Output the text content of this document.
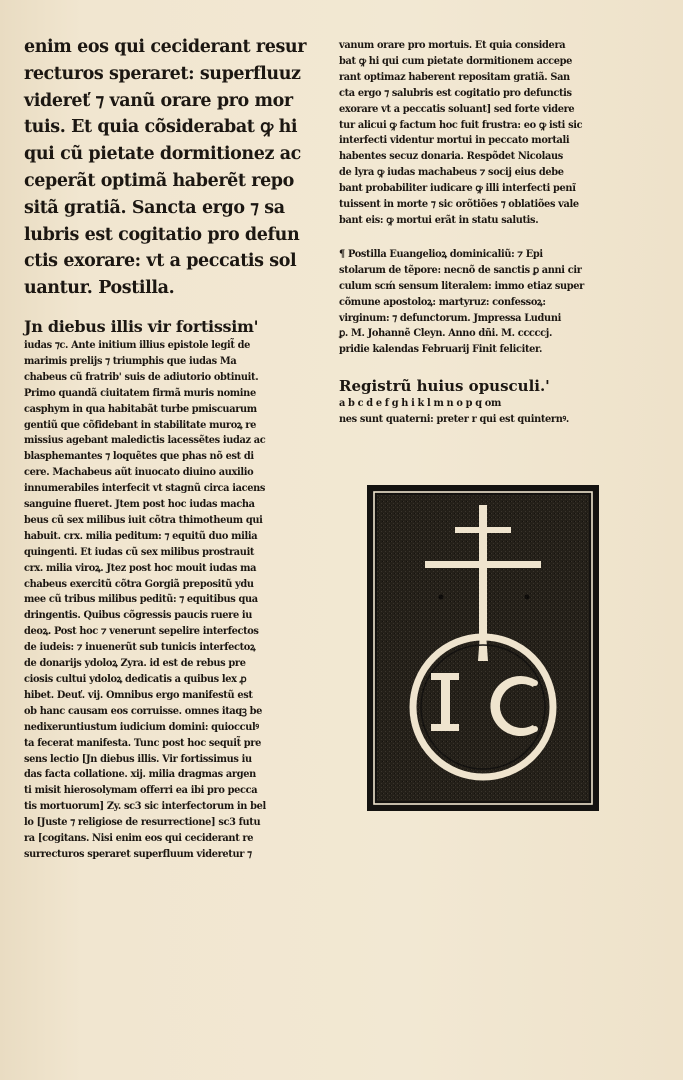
enim eos qui ceciderant resur

recturos speraret: superfluuz

videreť ⁊ vanũ orare pro mor

tuis. Et quia cõsiderabat ꝙ hi

qui cũ pietate dormitionez ac

ceperãt optimã haberẽt repo

sitã gratiã. Sancta ergo ⁊ sa

lubris est cogitatio pro defun

ctis exorare: vt a peccatis sol

uantur. Postilla.

Jn diebus illis vir fortissim'

iudas ⁊c. Ante initium illius epistole legit̃ de

marimis prelijs ⁊ triumphis que iudas Ma

chabeus cũ fratrib' suis de adiutorio obtinuit.

Primo quandã ciuitatem firmã muris nomine

casphym in qua habitabãt turbe pmiscuarum

gentiũ que cõfidebant in stabilitate muroꝝ re

missius agebant maledictis lacessẽtes iudaz ac

blasphemantes ⁊ loquẽtes que phas nõ est di

cere. Machabeus aũt inuocato diuino auxilio

innumerabiles interfecit vt stagnũ circa iacens

sanguine flueret. Jtem post hoc iudas macha

beus cũ sex milibus iuit cõtra thimotheum qui

habuit. crx. milia peditum: ⁊ equitũ duo milia

quingenti. Et iudas cũ sex milibus prostrauit

crx. milia viroꝝ. Jtez post hoc mouit iudas ma

chabeus exercitũ cõtra Gorgiã prepositũ ydu

mee cũ tribus milibus peditũ: ⁊ equitibus qua

dringentis. Quibus cõgressis paucis ruere iu

deoꝝ. Post hoc ⁊ venerunt sepelire interfectos

de iudeis: ⁊ inuenerũt sub tunicis interfectoꝝ

de donarijs ydoloꝝ Zyra. id est de rebus pre

ciosis cultui ydoloꝝ dedicatis a quibus lex ꝓ

hibet. Deuť. vij. Omnibus ergo manifestũ est

ob hanc causam eos corruisse. omnes itaqꝫ be

nedixeruntiustum iudicium domini: quiocculꝰ

ta fecerat manifesta. Tunc post hoc sequit̃ pre

sens lectio [Jn diebus illis. Vir fortissimus iu

das facta collatione. xij. milia dragmas argen

ti misit hierosolymam offerri ea ibi pro pecca

tis mortuorum] Zy. sc3 sic interfectorum in bel

lo [Juste ⁊ religiose de resurrectione] sc3 futu

ra [cogitans. Nisi enim eos qui ceciderant re

surrecturos speraret superfluum videretur ⁊

vanum orare pro mortuis. Et quia considera

bat ꝙ hi qui cum pietate dormitionem accepe

rant optimaz haberent repositam gratiã. San

cta ergo ⁊ salubris est cogitatio pro defunctis

exorare vt a peccatis soluant] sed forte videre

tur alicui ꝙ factum hoc fuit frustra: eo ꝙ isti sic

interfecti videntur mortui in peccato mortali

habentes secuz donaria. Respõdet Nicolaus

de lyra ꝙ iudas machabeus ⁊ socij eius debe

bant probabiliter iudicare ꝙ illi interfecti penĩ

tuissent in morte ⁊ sic orõtiões ⁊ oblatiões vale

bant eis: ꝙ mortui erãt in statu salutis.

¶ Postilla Euangelioꝝ dominicaliũ: ⁊ Epi

stolarum de tẽpore: necnõ de sanctis ꝑ anni cir

culum scḿ sensum literalem: immo etiaz super

cõmune apostoloꝝ: martyruz: confessoꝝ:

virginum: ⁊ defunctorum. Jmpressa Luduni

ꝑ. M. Johannẽ Cleyn. Anno dñi. M. cccccj.

pridie kalendas Februarij Finit feliciter.

Registrũ huius opusculi.'

a b c d e f g h i k l m n o p q om

nes sunt quaterni: preter r qui est quinternꝰ.
